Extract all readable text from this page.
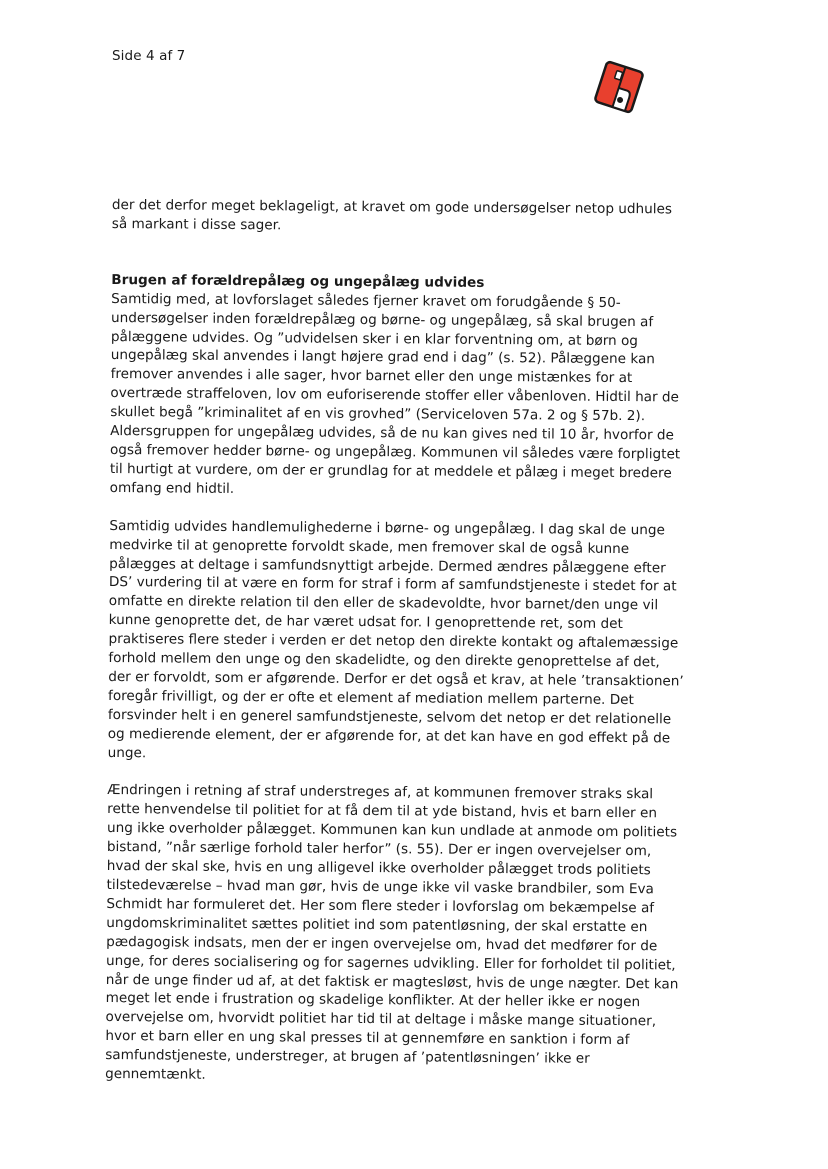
Side 4 af 7

der det derfor meget beklageligt, at kravet om gode undersøgelser netop udhules så markant i disse sager.

Brugen af forældrepålæg og ungepålæg udvides

Samtidig med, at lovforslaget således fjerner kravet om forudgående § 50-undersøgelser inden forældrepålæg og børne- og ungepålæg, så skal brugen af pålæggene udvides. Og ”udvidelsen sker i en klar forventning om, at børn og ungepålæg skal anvendes i langt højere grad end i dag” (s. 52). Pålæggene kan fremover anvendes i alle sager, hvor barnet eller den unge mistænkes for at overtræde straffeloven, lov om euforiserende stoffer eller våbenloven. Hidtil har de skullet begå ”kriminalitet af en vis grovhed” (Serviceloven 57a. 2 og § 57b. 2). Aldersgruppen for ungepålæg udvides, så de nu kan gives ned til 10 år, hvorfor de også fremover hedder børne- og ungepålæg. Kommunen vil således være forpligtet til hurtigt at vurdere, om der er grundlag for at meddele et pålæg i meget bredere omfang end hidtil.

Samtidig udvides handlemulighederne i børne- og ungepålæg. I dag skal de unge medvirke til at genoprette forvoldt skade, men fremover skal de også kunne pålægges at deltage i samfundsnyttigt arbejde. Dermed ændres pålæggene efter DS’ vurdering til at være en form for straf i form af samfundstjeneste i stedet for at omfatte en direkte relation til den eller de skadevoldte, hvor barnet/den unge vil kunne genoprette det, de har været udsat for. I genoprettende ret, som det praktiseres flere steder i verden er det netop den direkte kontakt og aftalemæssige forhold mellem den unge og den skadelidte, og den direkte genoprettelse af det, der er forvoldt, som er afgørende. Derfor er det også et krav, at hele ’transaktionen’ foregår frivilligt, og der er ofte et element af mediation mellem parterne. Det forsvinder helt i en generel samfundstjeneste, selvom det netop er det relationelle og medierende element, der er afgørende for, at det kan have en god effekt på de unge.

Ændringen i retning af straf understreges af, at kommunen fremover straks skal rette henvendelse til politiet for at få dem til at yde bistand, hvis et barn eller en ung ikke overholder pålægget. Kommunen kan kun undlade at anmode om politiets bistand, ”når særlige forhold taler herfor” (s. 55). Der er ingen overvejelser om, hvad der skal ske, hvis en ung alligevel ikke overholder pålægget trods politiets tilstedeværelse – hvad man gør, hvis de unge ikke vil vaske brandbiler, som Eva Schmidt har formuleret det. Her som flere steder i lovforslag om bekæmpelse af ungdomskriminalitet sættes politiet ind som patentløsning, der skal erstatte en pædagogisk indsats, men der er ingen overvejelse om, hvad det medfører for de unge, for deres socialisering og for sagernes udvikling. Eller for forholdet til politiet, når de unge finder ud af, at det faktisk er magtesløst, hvis de unge nægter. Det kan meget let ende i frustration og skadelige konflikter. At der heller ikke er nogen overvejelse om, hvorvidt politiet har tid til at deltage i måske mange situationer, hvor et barn eller en ung skal presses til at gennemføre en sanktion i form af samfundstjeneste, understreger, at brugen af ’patentløsningen’ ikke er gennemtænkt.
